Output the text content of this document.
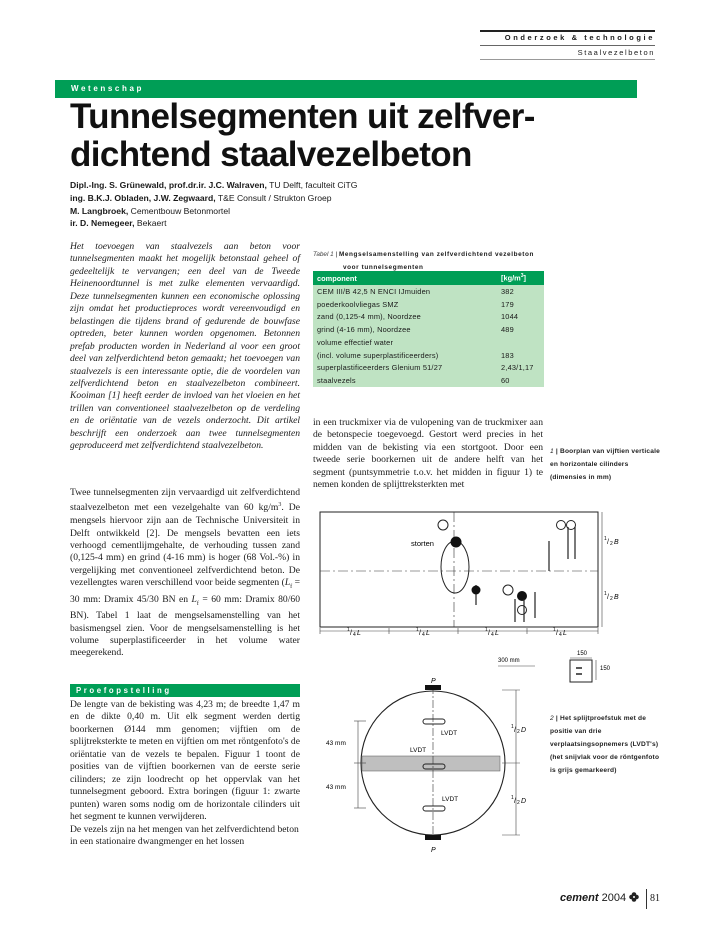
Onderzoek & technologie
Staalvezelbeton
Wetenschap
Tunnelsegmenten uit zelfver-
dichtend staalvezelbeton
Dipl.-Ing. S. Grünewald, prof.dr.ir. J.C. Walraven, TU Delft, faculteit CiTG
ing. B.K.J. Obladen, J.W. Zegwaard, T&E Consult / Strukton Groep
M. Langbroek, Cementbouw Betonmortel
ir. D. Nemegeer, Bekaert
Het toevoegen van staalvezels aan beton voor tunnelsegmenten maakt het mogelijk betonstaal geheel of gedeeltelijk te vervangen; een deel van de Tweede Heinenoordtunnel is met zulke elementen vervaardigd. Deze tunnelsegmenten kunnen een economische oplossing zijn omdat het productieproces wordt vereenvoudigd en belastingen die tijdens brand of gedurende de bouwfase optreden, beter kunnen worden opgenomen. Betonnen prefab producten worden in Nederland al voor een groot deel van zelfverdichtend beton gemaakt; het toevoegen van staalvezels is een interessante optie, die de voordelen van zelfverdichtend beton en staalvezelbeton combineert. Kooiman [1] heeft eerder de invloed van het vloeien en het trillen van conventioneel staalvezelbeton op de verdeling en de oriëntatie van de vezels onderzocht. Dit artikel beschrijft een onderzoek aan twee tunnelsegmenten geproduceerd met zelfverdichtend staalvezelbeton.
Twee tunnelsegmenten zijn vervaardigd uit zelfverdichtend staalvezelbeton met een vezelgehalte van 60 $kg/m^3$. De mengsels hiervoor zijn aan de Technische Universiteit in Delft ontwikkeld [2]. De mengsels bevatten een iets verhoogd cementlijmgehalte, de verhouding tussen zand (0,125-4 mm) en grind (4-16 mm) is hoger (68 Vol.-%) in vergelijking met conventioneel zelfverdichtend beton. De vezellengtes waren verschillend voor beide segmenten ($L_f = 30$ mm: Dramix 45/30 BN en $L_f = 60$ mm: Dramix 80/60 BN). Tabel 1 laat de mengselsamenstelling van het basismengsel zien. Voor de mengselsamenstelling is het volume superplastificeerder in het volume water meegerekend.
Proefopstelling
De lengte van de bekisting was 4,23 m; de breedte 1,47 m en de dikte 0,40 m. Uit elk segment werden dertig boorkernen Ø144 mm genomen; vijftien om de splijtreksterkte te meten en vijftien om met röntgenfoto's de oriëntatie van de vezels te bepalen. Figuur 1 toont de posities van de vijftien boorkernen van de eerste serie cilinders; ze zijn loodrecht op het oppervlak van het tunnelsegment geboord. Extra boringen (figuur 1: zwarte punten) waren soms nodig om de horizontale cilinders uit het segment te kunnen verwijderen.
De vezels zijn na het mengen van het zelfverdichtend beton in een stationaire dwangmenger en het lossen
Tabel 1 | Mengselsamenstelling van zelfverdichtend vezelbeton
voor tunnelsegmenten
component	$[kg/m^3]$
CEM III/B 42,5 N ENCI IJmuiden	382
poederkoolvliegas SMZ	179
zand (0,125-4 mm), Noordzee	1044
grind (4-16 mm), Noordzee	489
volume effectief water
(incl. volume superplastificeerders)	183
superplastificeerders Glenium 51/27	2,43/1,17
staalvezels	60
in een truckmixer via de vulopening van de truckmixer aan de betonspecie toegevoegd. Gestort werd precies in het midden van de bekisting via een stortgoot. Door een tweede serie boorkernen uit de andere helft van het segment (puntsymmetrie t.o.v. het midden in figuur 1) te nemen konden de splijttreksterkten met
storten	1 / 2 B
1 / 2 B
1 / 4 L	1 / 4 L	1 / 4 L	1 / 4 L
1 | Boorplan van vijftien verticale en horizontale cilinders (dimensies in mm)
300 mm
150
150
P
P
LVDT
LVDT
LVDT
43 mm
43 mm
1 / 2 D
1 / 2 D
2 | Het splijtproefstuk met de positie van drie verplaatsingsopnemers (LVDT's) (het snijvlak voor de röntgenfoto is grijs gemarkeerd)
cement 2004	81
